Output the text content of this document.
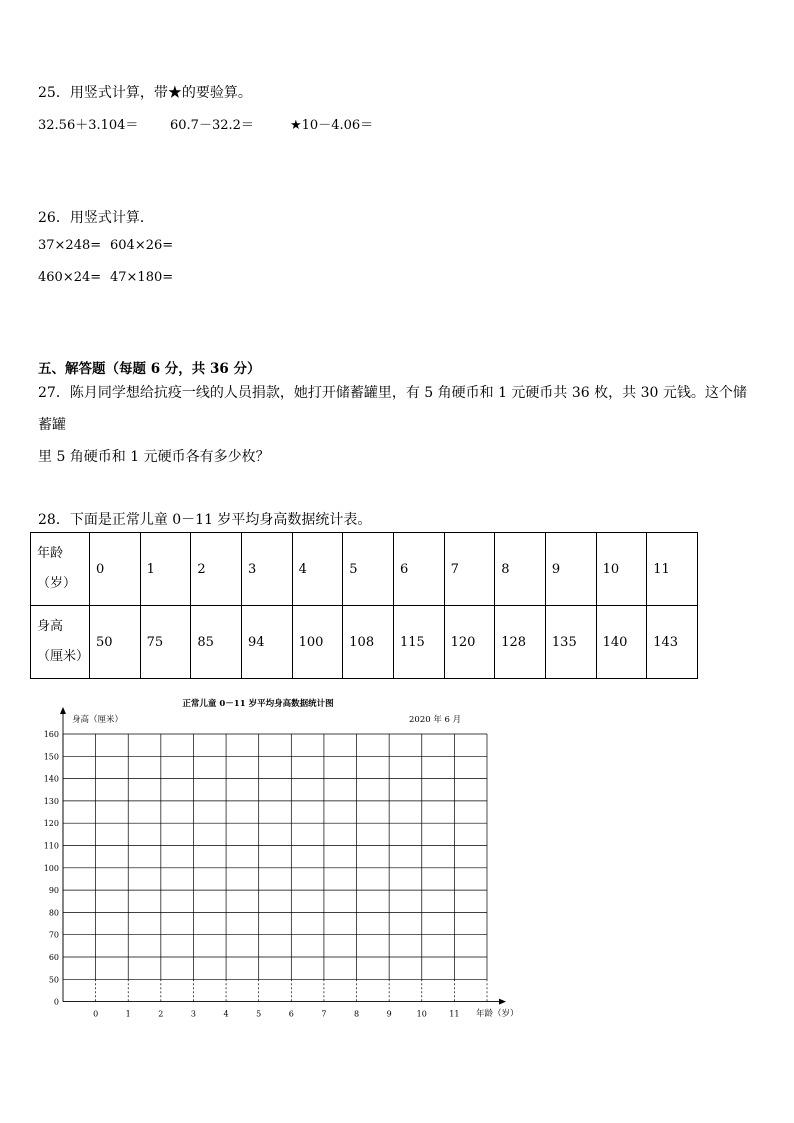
25．用竖式计算，带★的要验算。
32.56＋3.104＝ 60.7－32.2＝	★10－4.06＝
26．用竖式计算．
37×248= 604×26=
460×24= 47×180=
五、解答题（每题 6 分，共 36 分）
27．陈月同学想给抗疫一线的人员捐款，她打开储蓄罐里，有 5 角硬币和 1 元硬币共 36 枚，共 30 元钱。这个储蓄罐
里 5 角硬币和 1 元硬币各有多少枚？
28．下面是正常儿童 0－11 岁平均身高数据统计表。
年龄
（岁）	0	1	2	3	4	5	6	7	8	9	10	11

身高
（厘米）	50	75	85	94	100	108	115	120	128	135	140	143
正常儿童 0－11 岁平均身高数据统计图
身高（厘米）	2020 年 6 月
年龄（岁）
0
50
60
70
80
90
100
110
120
130
140
150
160
0	1	2	3	4	5	6	7	8	9	10	11
